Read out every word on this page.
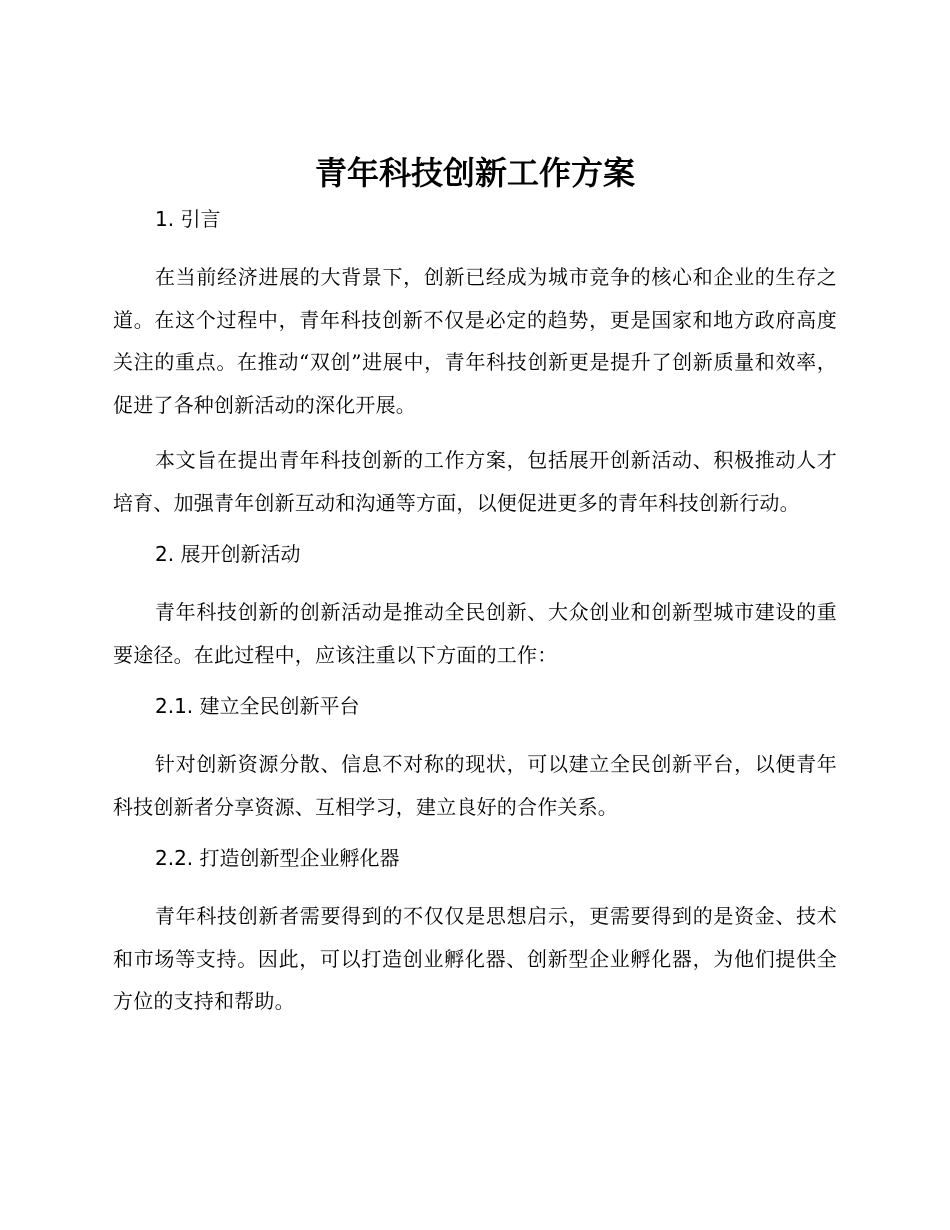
青年科技创新工作方案
1. 引言

在当前经济进展的大背景下，创新已经成为城市竞争的核心和企业的生存之道。在这个过程中，青年科技创新不仅是必定的趋势，更是国家和地方政府高度关注的重点。在推动“双创”进展中，青年科技创新更是提升了创新质量和效率，促进了各种创新活动的深化开展。

本文旨在提出青年科技创新的工作方案，包括展开创新活动、积极推动人才培育、加强青年创新互动和沟通等方面，以便促进更多的青年科技创新行动。

2. 展开创新活动

青年科技创新的创新活动是推动全民创新、大众创业和创新型城市建设的重要途径。在此过程中，应该注重以下方面的工作：

2.1. 建立全民创新平台

针对创新资源分散、信息不对称的现状，可以建立全民创新平台，以便青年科技创新者分享资源、互相学习，建立良好的合作关系。

2.2. 打造创新型企业孵化器

青年科技创新者需要得到的不仅仅是思想启示，更需要得到的是资金、技术和市场等支持。因此，可以打造创业孵化器、创新型企业孵化器，为他们提供全方位的支持和帮助。
